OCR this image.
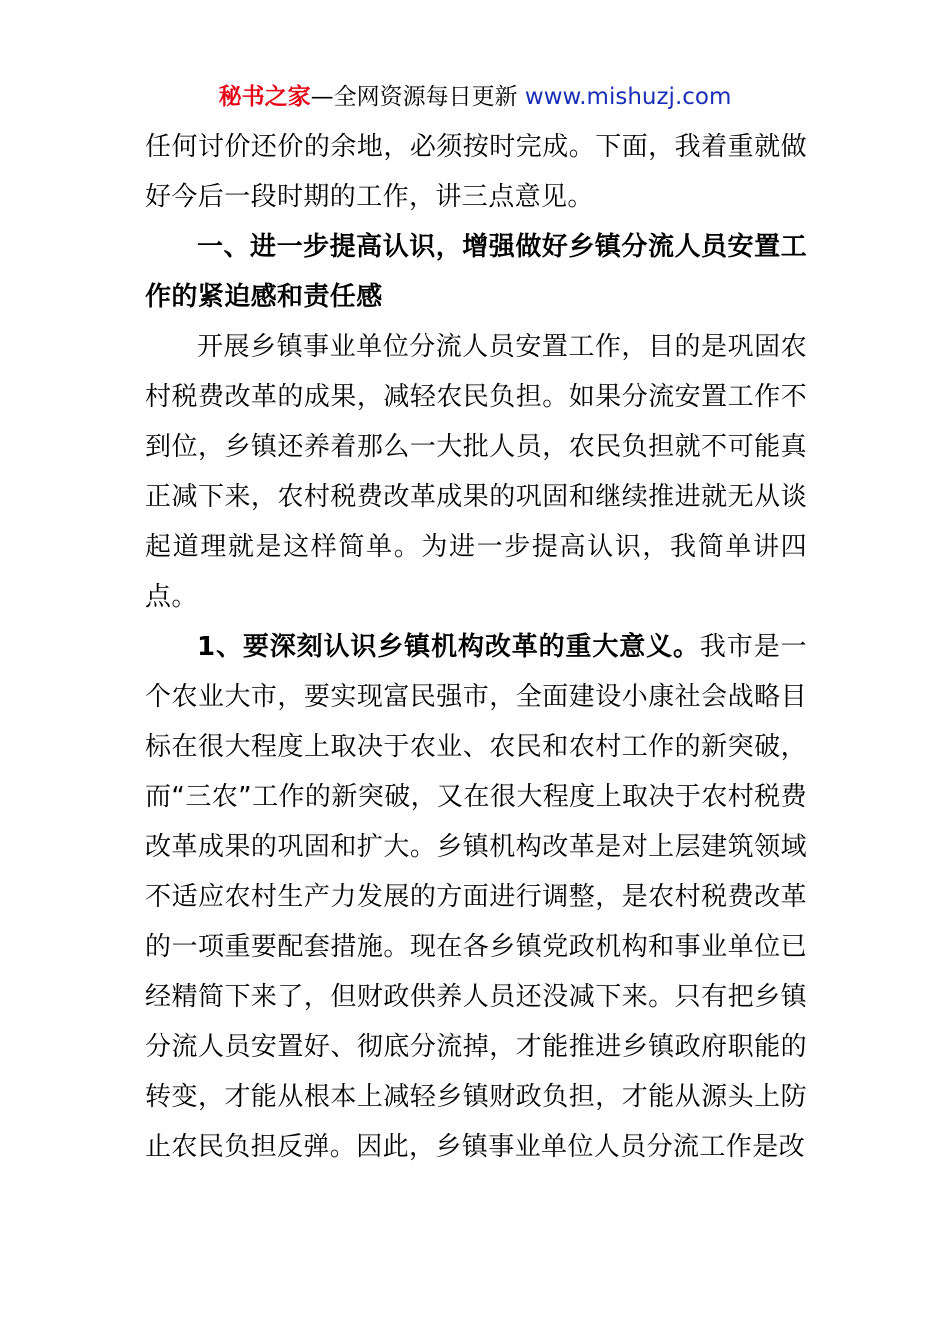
秘书之家—全网资源每日更新 www.mishuzj.com

任何讨价还价的余地，必须按时完成。下面，我着重就做好今后一段时期的工作，讲三点意见。

一、进一步提高认识，增强做好乡镇分流人员安置工作的紧迫感和责任感

开展乡镇事业单位分流人员安置工作，目的是巩固农村税费改革的成果，减轻农民负担。如果分流安置工作不到位，乡镇还养着那么一大批人员，农民负担就不可能真正减下来，农村税费改革成果的巩固和继续推进就无从谈起道理就是这样简单。为进一步提高认识，我简单讲四点。

1、要深刻认识乡镇机构改革的重大意义。我市是一个农业大市，要实现富民强市，全面建设小康社会战略目标在很大程度上取决于农业、农民和农村工作的新突破，而“三农”工作的新突破，又在很大程度上取决于农村税费改革成果的巩固和扩大。乡镇机构改革是对上层建筑领域不适应农村生产力发展的方面进行调整，是农村税费改革的一项重要配套措施。现在各乡镇党政机构和事业单位已经精简下来了，但财政供养人员还没减下来。只有把乡镇分流人员安置好、彻底分流掉，才能推进乡镇政府职能的转变，才能从根本上减轻乡镇财政负担，才能从源头上防止农民负担反弹。因此，乡镇事业单位人员分流工作是改
